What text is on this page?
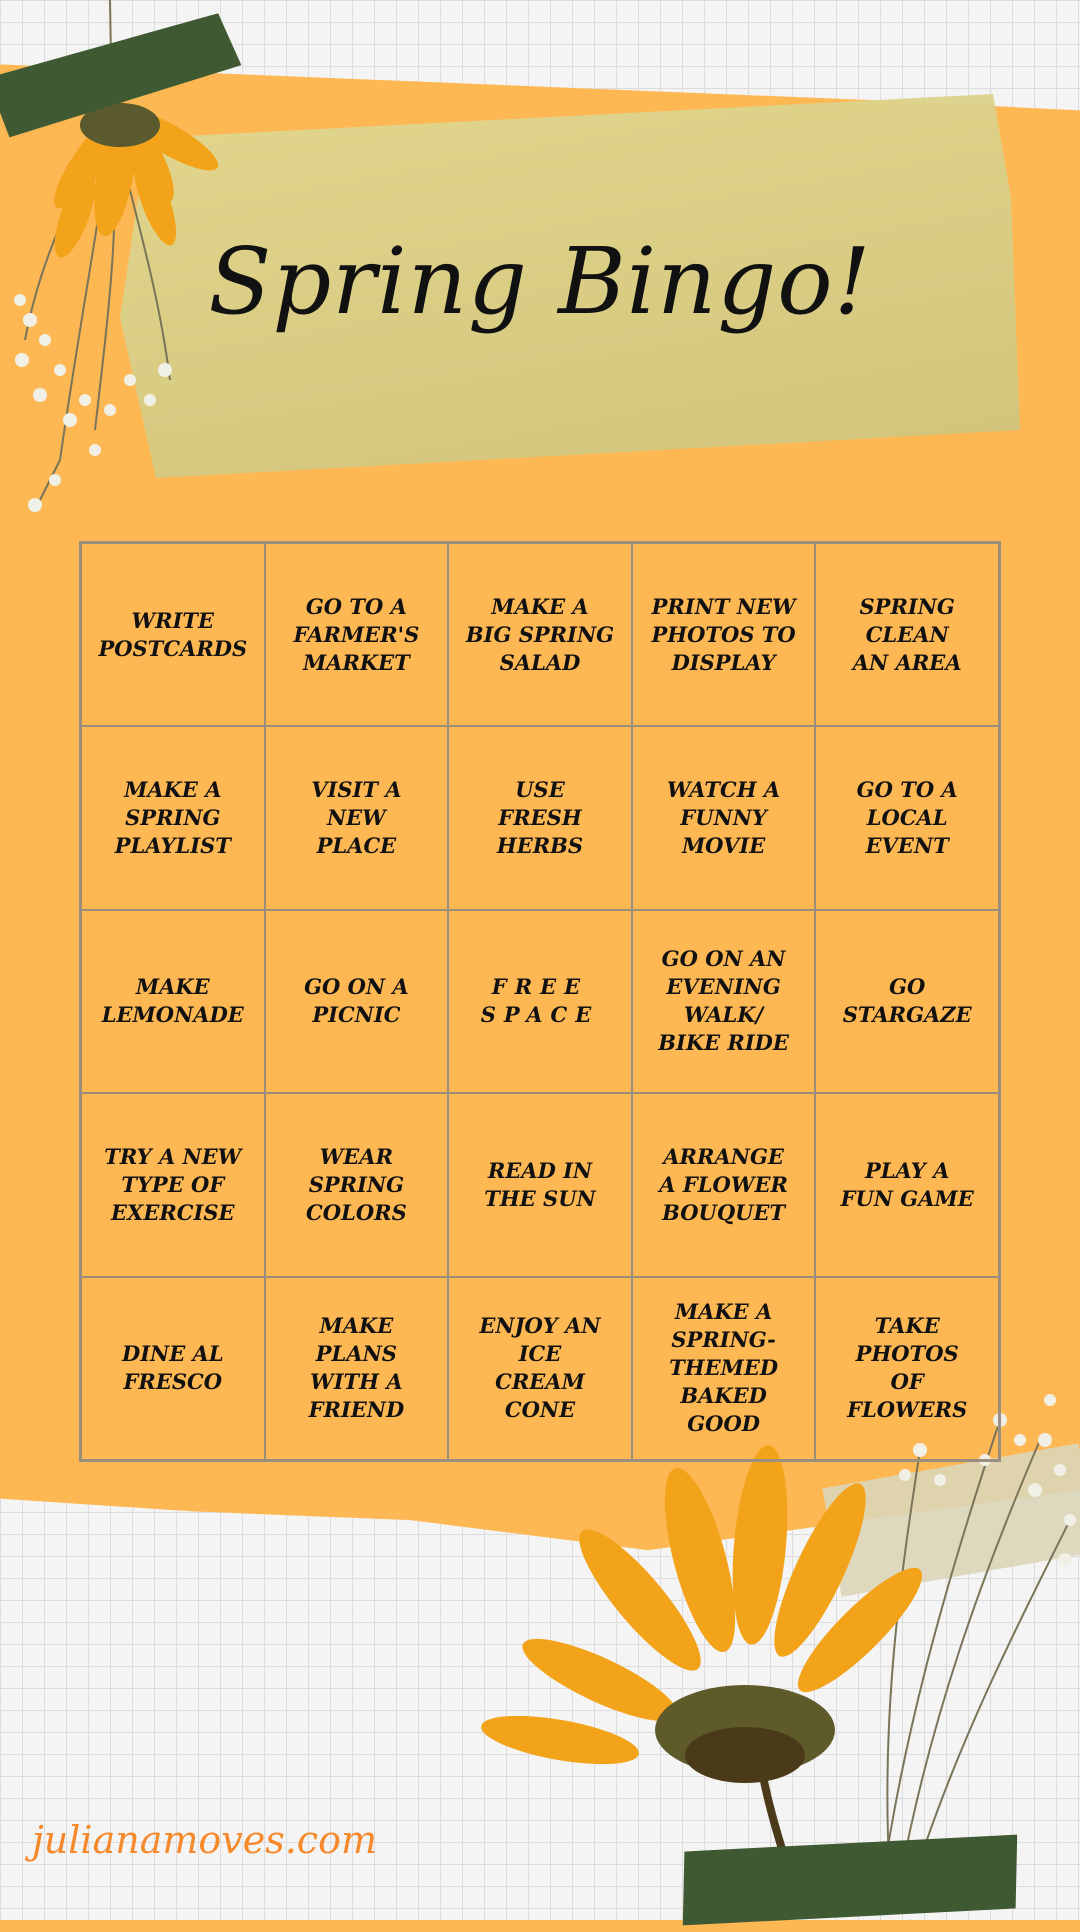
Spring Bingo!
WRITE
POSTCARDS
GO TO A
FARMER'S
MARKET
MAKE A
BIG SPRING
SALAD
PRINT NEW
PHOTOS TO
DISPLAY
SPRING
CLEAN
AN AREA
MAKE A
SPRING
PLAYLIST
VISIT A
NEW
PLACE
USE
FRESH
HERBS
WATCH A
FUNNY
MOVIE
GO TO A
LOCAL
EVENT
MAKE
LEMONADE
GO ON A
PICNIC
FREE
SPACE
GO ON AN
EVENING
WALK/
BIKE RIDE
GO
STARGAZE
TRY A NEW
TYPE OF
EXERCISE
WEAR
SPRING
COLORS
READ IN
THE SUN
ARRANGE
A FLOWER
BOUQUET
PLAY A
FUN GAME
DINE AL
FRESCO
MAKE
PLANS
WITH A
FRIEND
ENJOY AN
ICE
CREAM
CONE
MAKE A
SPRING-
THEMED
BAKED
GOOD
TAKE
PHOTOS
OF
FLOWERS
julianamoves.com
